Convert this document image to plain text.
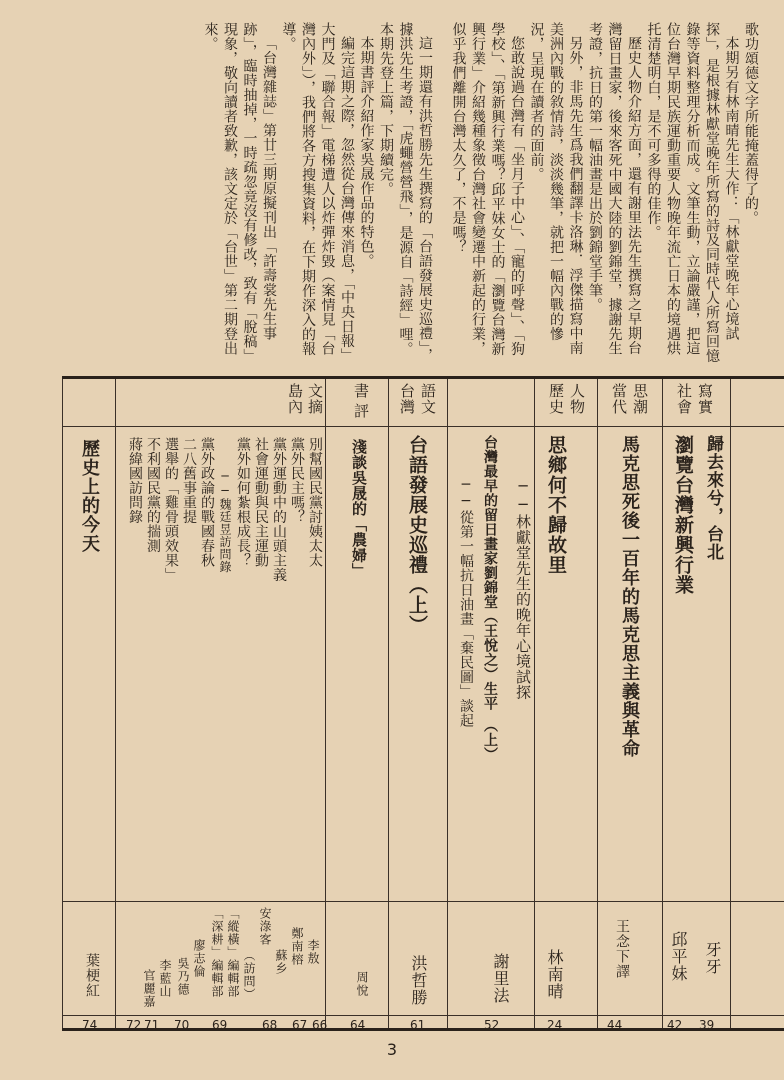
歌功頌德文字所能掩蓋得了的。

本期另有林南晴先生大作：「林獻堂晚年心境試探」，是根據林獻堂晚年所寫的詩及同時代人所寫回憶錄等資料整理分析而成。文筆生動，立論嚴謹，把這位台灣早期民族運動重要人物晚年流亡日本的境遇烘托清楚明白，是不可多得的佳作。

歷史人物介紹方面，還有謝里法先生撰寫之早期台灣留日畫家，後來客死中國大陸的劉錦堂，據謝先生考證，抗日的第一幅油畫是出於劉錦堂手筆。

另外，非馬先生爲我們翻譯卡洛琳．浮傑描寫中南美洲內戰的敘情詩，淡淡幾筆，就把一幅內戰的慘況，呈現在讀者的面前。

您敢說過台灣有「坐月子中心」、「寵的呼聲」、「狗學校」、「第新興行業嗎？邱平妹女士的「瀏覽台灣新興行業」介紹幾種象徵台灣社會變遷中新起的行業，似乎我們離開台灣太久了，不是嗎？

這一期還有洪哲勝先生撰寫的「台語發展史巡禮」，據洪先生考證，「虎蠅營營飛」，是源自「詩經」哩。本期先登上篇，下期續完。

本期書評介紹作家吳晟作品的特色。

編完這期之際，忽然從台灣傳來消息，「中央日報」大門及「聯合報」電梯遭人以炸彈炸毀（案情見「台灣內外」），我們將各方搜集資料，在下期作深入的報導。

「台灣雜誌」第廿三期原擬刊出「許壽裳先生事跡」，臨時抽掉，一時疏忽竟沒有修改，致有「脫稿」現象，敬向讀者致歉，該文定於「台世」第二期登出來。

社會 寫實
歸去來兮，台北
瀏覽台灣新興行業
牙牙
邱平妹
39
42
當代 思潮
馬克思死後一百年的馬克思主義與革命
王念下譯
44
歷史 人物
思鄉何不歸故里
──林獻堂先生的晚年心境試探
台灣最早的留日畫家劉錦堂（王悅之）生平　（上）
──從第一幅抗日油畫「棄民圖」談起
林南晴
謝里法
24
52
台灣 語文
台語發展史巡禮（上）
洪哲勝
61
書
評
淺談吳晟的「農婦」
周悅
64
島內 文摘
別幫國民黨討姨太太
黨外民主嗎？
黨外運動中的山頭主義
社會運動與民主運動
黨外如何紮根成長？
──魏廷昱訪問錄
黨外政論的戰國春秋
二八舊事重提
選舉的「雞骨頭效果」
不利國民黨的揣測
蔣緯國訪問錄
李敖
鄭南榕
蘇乡
安淥客
（訪問）
「縱橫」編輯部
「深耕」編輯部
廖志倫
吳乃德
李藍山
官麗嘉
66
67
68
69
70
71
72
歷史上的今天
葉梗紅
74
3
